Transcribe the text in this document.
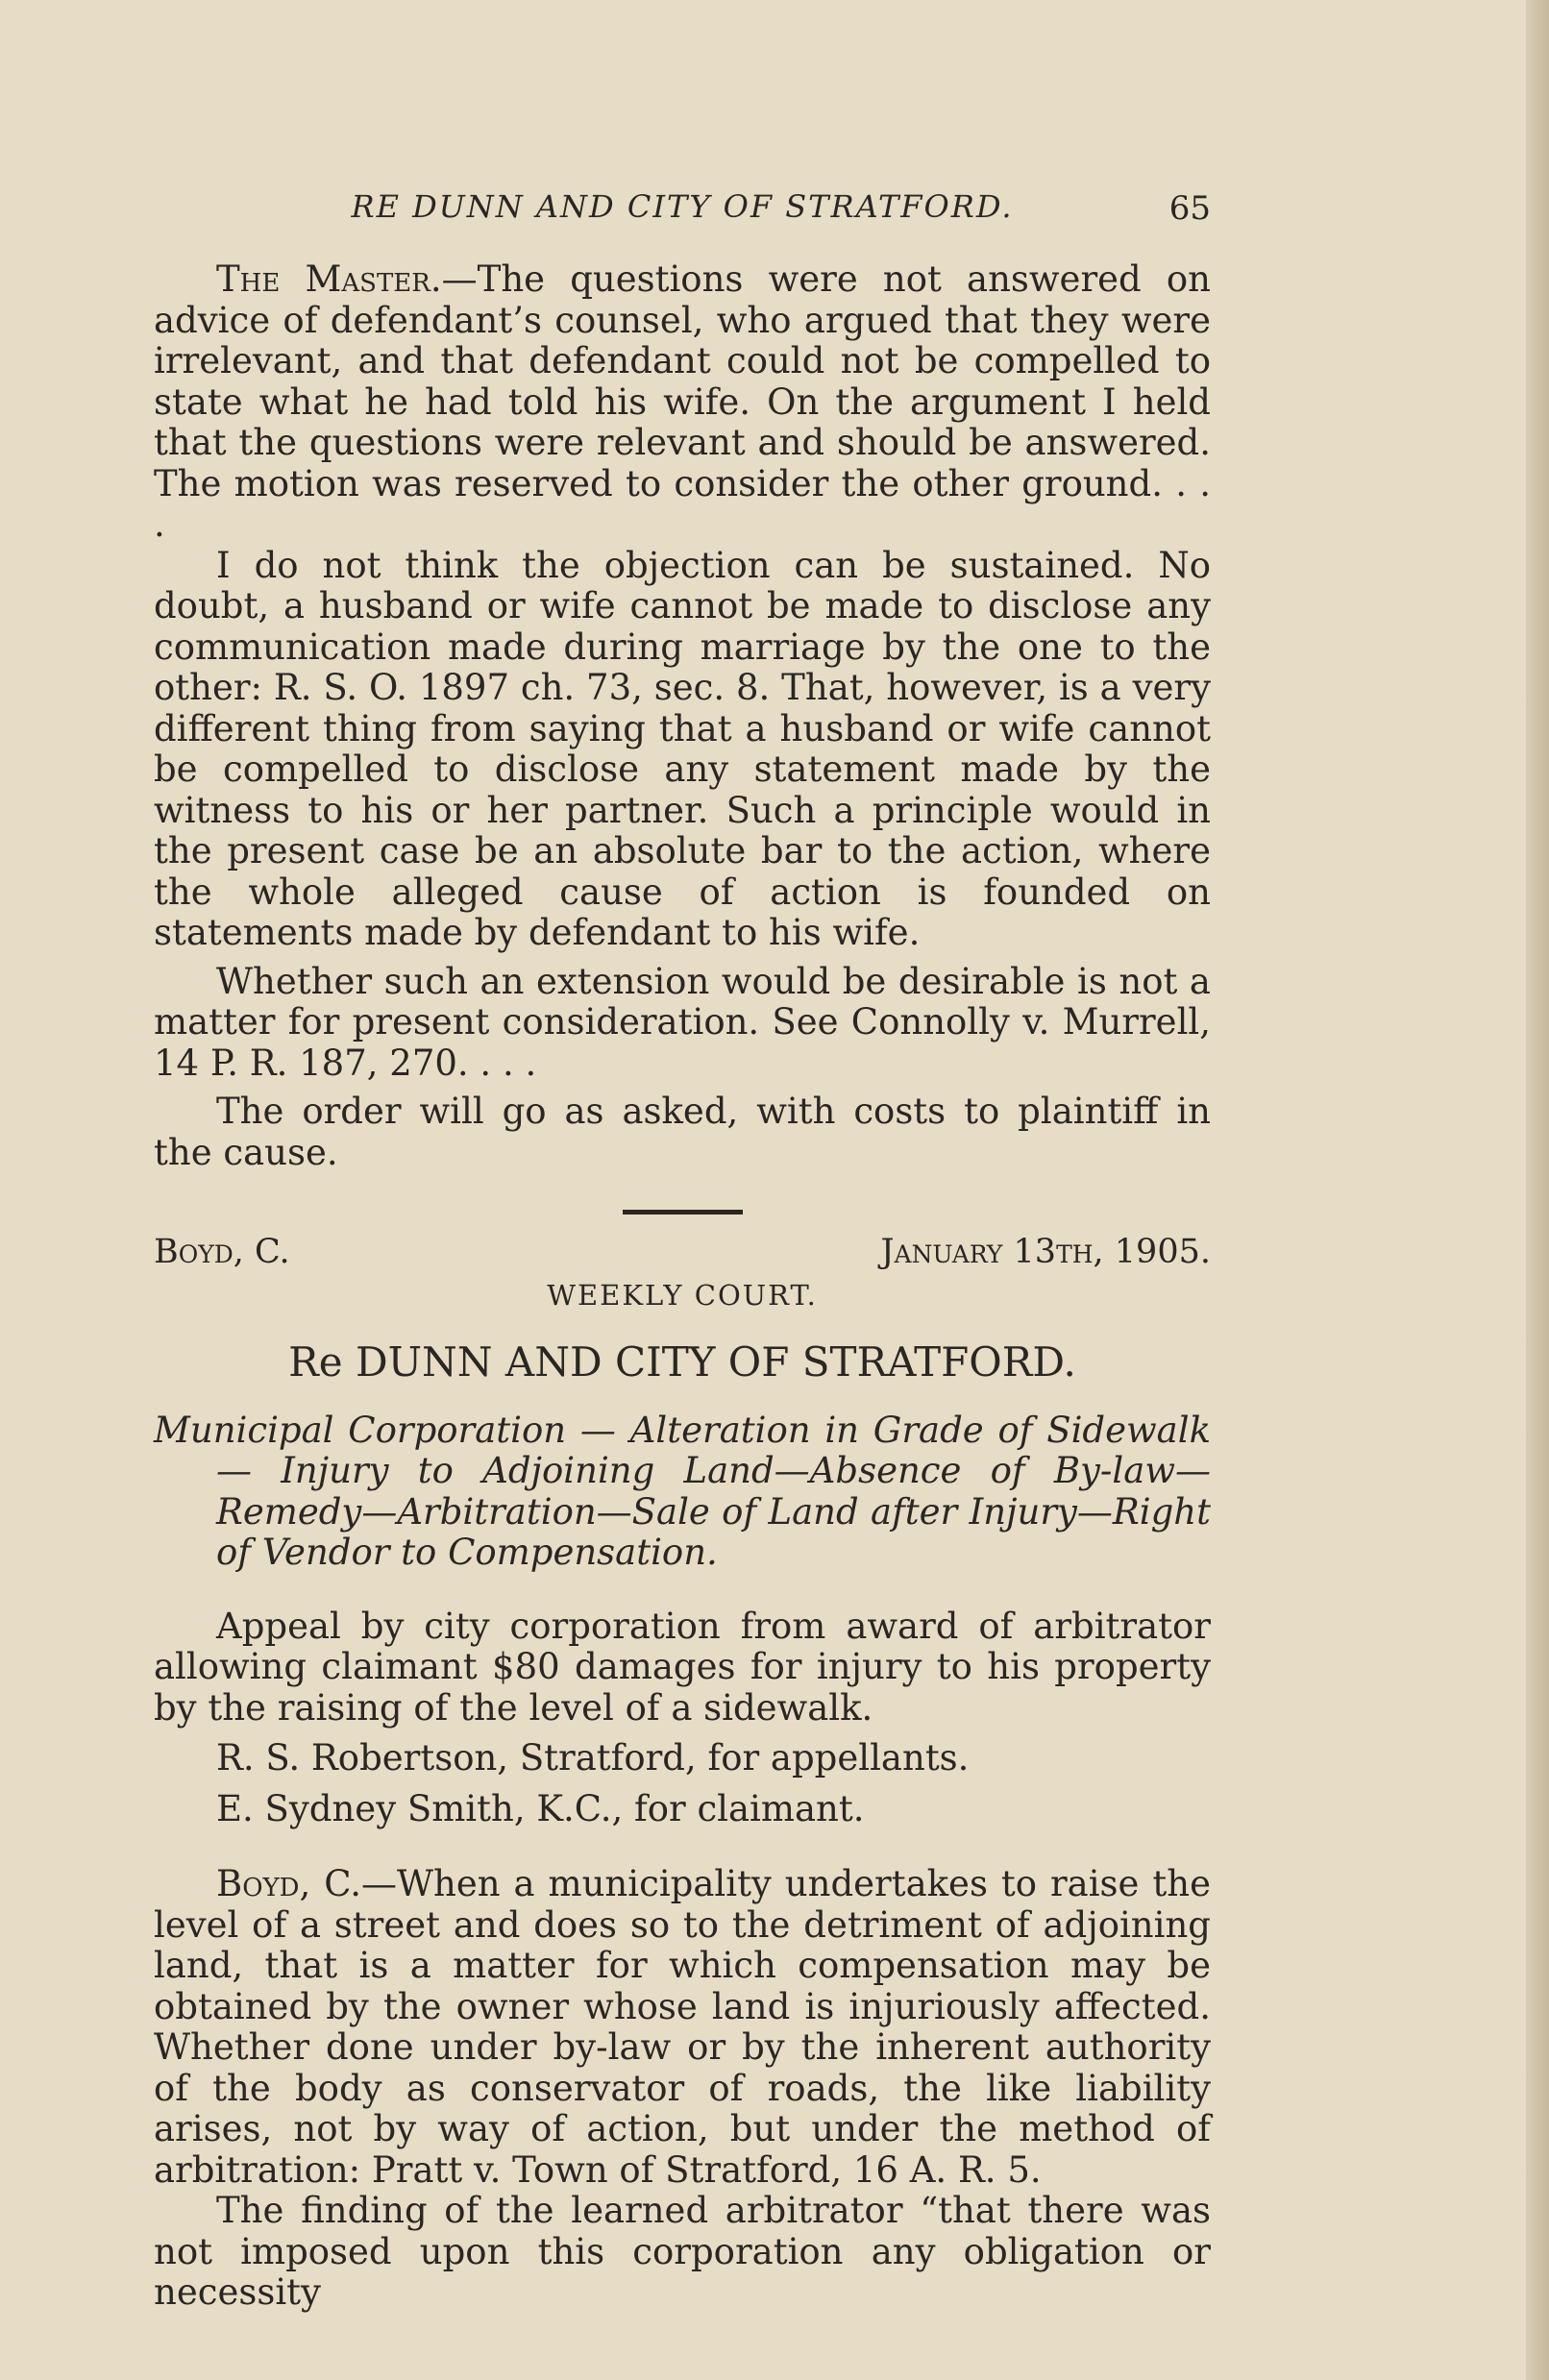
RE DUNN AND CITY OF STRATFORD.	65

The Master.—The questions were not answered on advice of defendant’s counsel, who argued that they were irrelevant, and that defendant could not be compelled to state what he had told his wife. On the argument I held that the questions were relevant and should be answered. The motion was reserved to consider the other ground. . . .

I do not think the objection can be sustained. No doubt, a husband or wife cannot be made to disclose any communication made during marriage by the one to the other: R. S. O. 1897 ch. 73, sec. 8. That, however, is a very different thing from saying that a husband or wife cannot be compelled to disclose any statement made by the witness to his or her partner. Such a principle would in the present case be an absolute bar to the action, where the whole alleged cause of action is founded on statements made by defendant to his wife.

Whether such an extension would be desirable is not a matter for present consideration. See Connolly v. Murrell, 14 P. R. 187, 270. . . .

The order will go as asked, with costs to plaintiff in the cause.

Boyd, C.	January 13th, 1905.
WEEKLY COURT.
Re DUNN AND CITY OF STRATFORD.

Municipal Corporation — Alteration in Grade of Sidewalk — Injury to Adjoining Land—Absence of By-law—Remedy—Arbitration—Sale of Land after Injury—Right of Vendor to Compensation.

Appeal by city corporation from award of arbitrator allowing claimant $80 damages for injury to his property by the raising of the level of a sidewalk.

R. S. Robertson, Stratford, for appellants.
E. Sydney Smith, K.C., for claimant.

Boyd, C.—When a municipality undertakes to raise the level of a street and does so to the detriment of adjoining land, that is a matter for which compensation may be obtained by the owner whose land is injuriously affected. Whether done under by-law or by the inherent authority of the body as conservator of roads, the like liability arises, not by way of action, but under the method of arbitration: Pratt v. Town of Stratford, 16 A. R. 5.

The finding of the learned arbitrator “that there was not imposed upon this corporation any obligation or necessity
